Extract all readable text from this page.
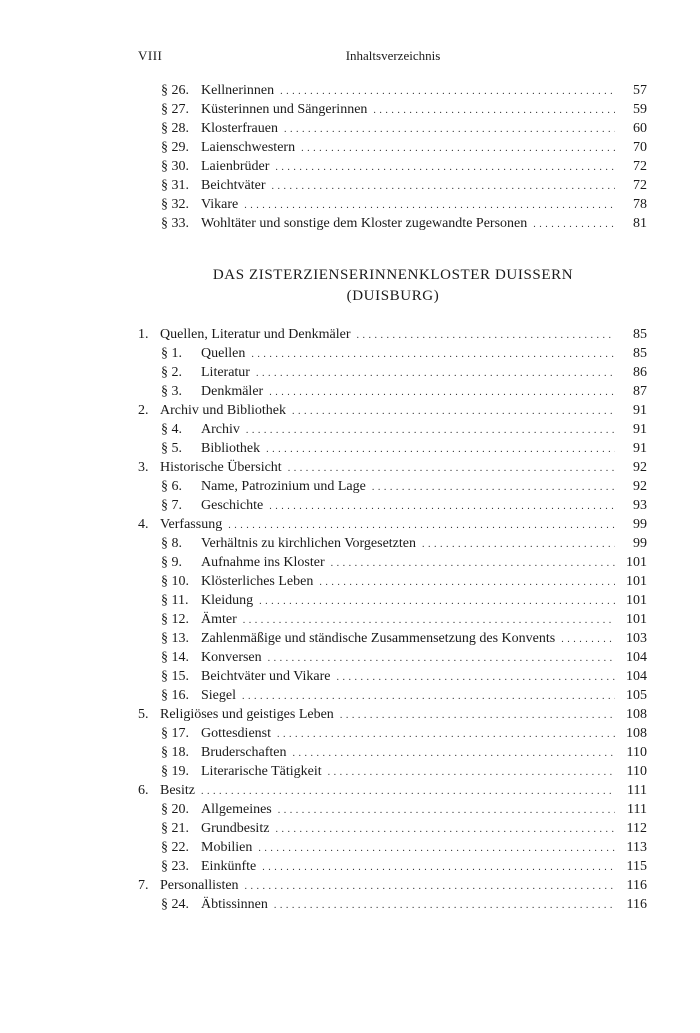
VIII	Inhaltsverzeichnis
§ 26. Kellnerinnen . . .	57
§ 27. Küsterinnen und Sängerinnen . . .	59
§ 28. Klosterfrauen . . .	60
§ 29. Laienschwestern . . .	70
§ 30. Laienbrüder . . .	72
§ 31. Beichtväter . . .	72
§ 32. Vikare . . .	78
§ 33. Wohltäter und sonstige dem Kloster zugewandte Personen . . .	81
DAS ZISTERZIENSERINNENKLOSTER DUISSERN
(DUISBURG)
1. Quellen, Literatur und Denkmäler . . .	85
§ 1.	Quellen . . .	85
§ 2.	Literatur . . .	86
§ 3.	Denkmäler . . .	87
2. Archiv und Bibliothek . . .	91
§ 4.	Archiv . . .	91
§ 5.	Bibliothek . . .	91
3. Historische Übersicht . . .	92
§ 6.	Name, Patrozinium und Lage . . .	92
§ 7.	Geschichte . . .	93
4. Verfassung . . .	99
§ 8.	Verhältnis zu kirchlichen Vorgesetzten . . .	99
§ 9.	Aufnahme ins Kloster . . .	101
§ 10. Klösterliches Leben . . .	101
§ 11. Kleidung . . .	101
§ 12. Ämter . . .	101
§ 13. Zahlenmäßige und ständische Zusammensetzung des Konvents . . .	103
§ 14. Konversen . . .	104
§ 15. Beichtväter und Vikare . . .	104
§ 16. Siegel . . .	105
5. Religiöses und geistiges Leben . . .	108
§ 17. Gottesdienst . . .	108
§ 18. Bruderschaften . . .	110
§ 19. Literarische Tätigkeit . . .	110
6. Besitz . . .	111
§ 20. Allgemeines . . .	111
§ 21. Grundbesitz . . .	112
§ 22. Mobilien . . .	113
§ 23. Einkünfte . . .	115
7. Personallisten . . .	116
§ 24. Äbtissinnen . . .	116
